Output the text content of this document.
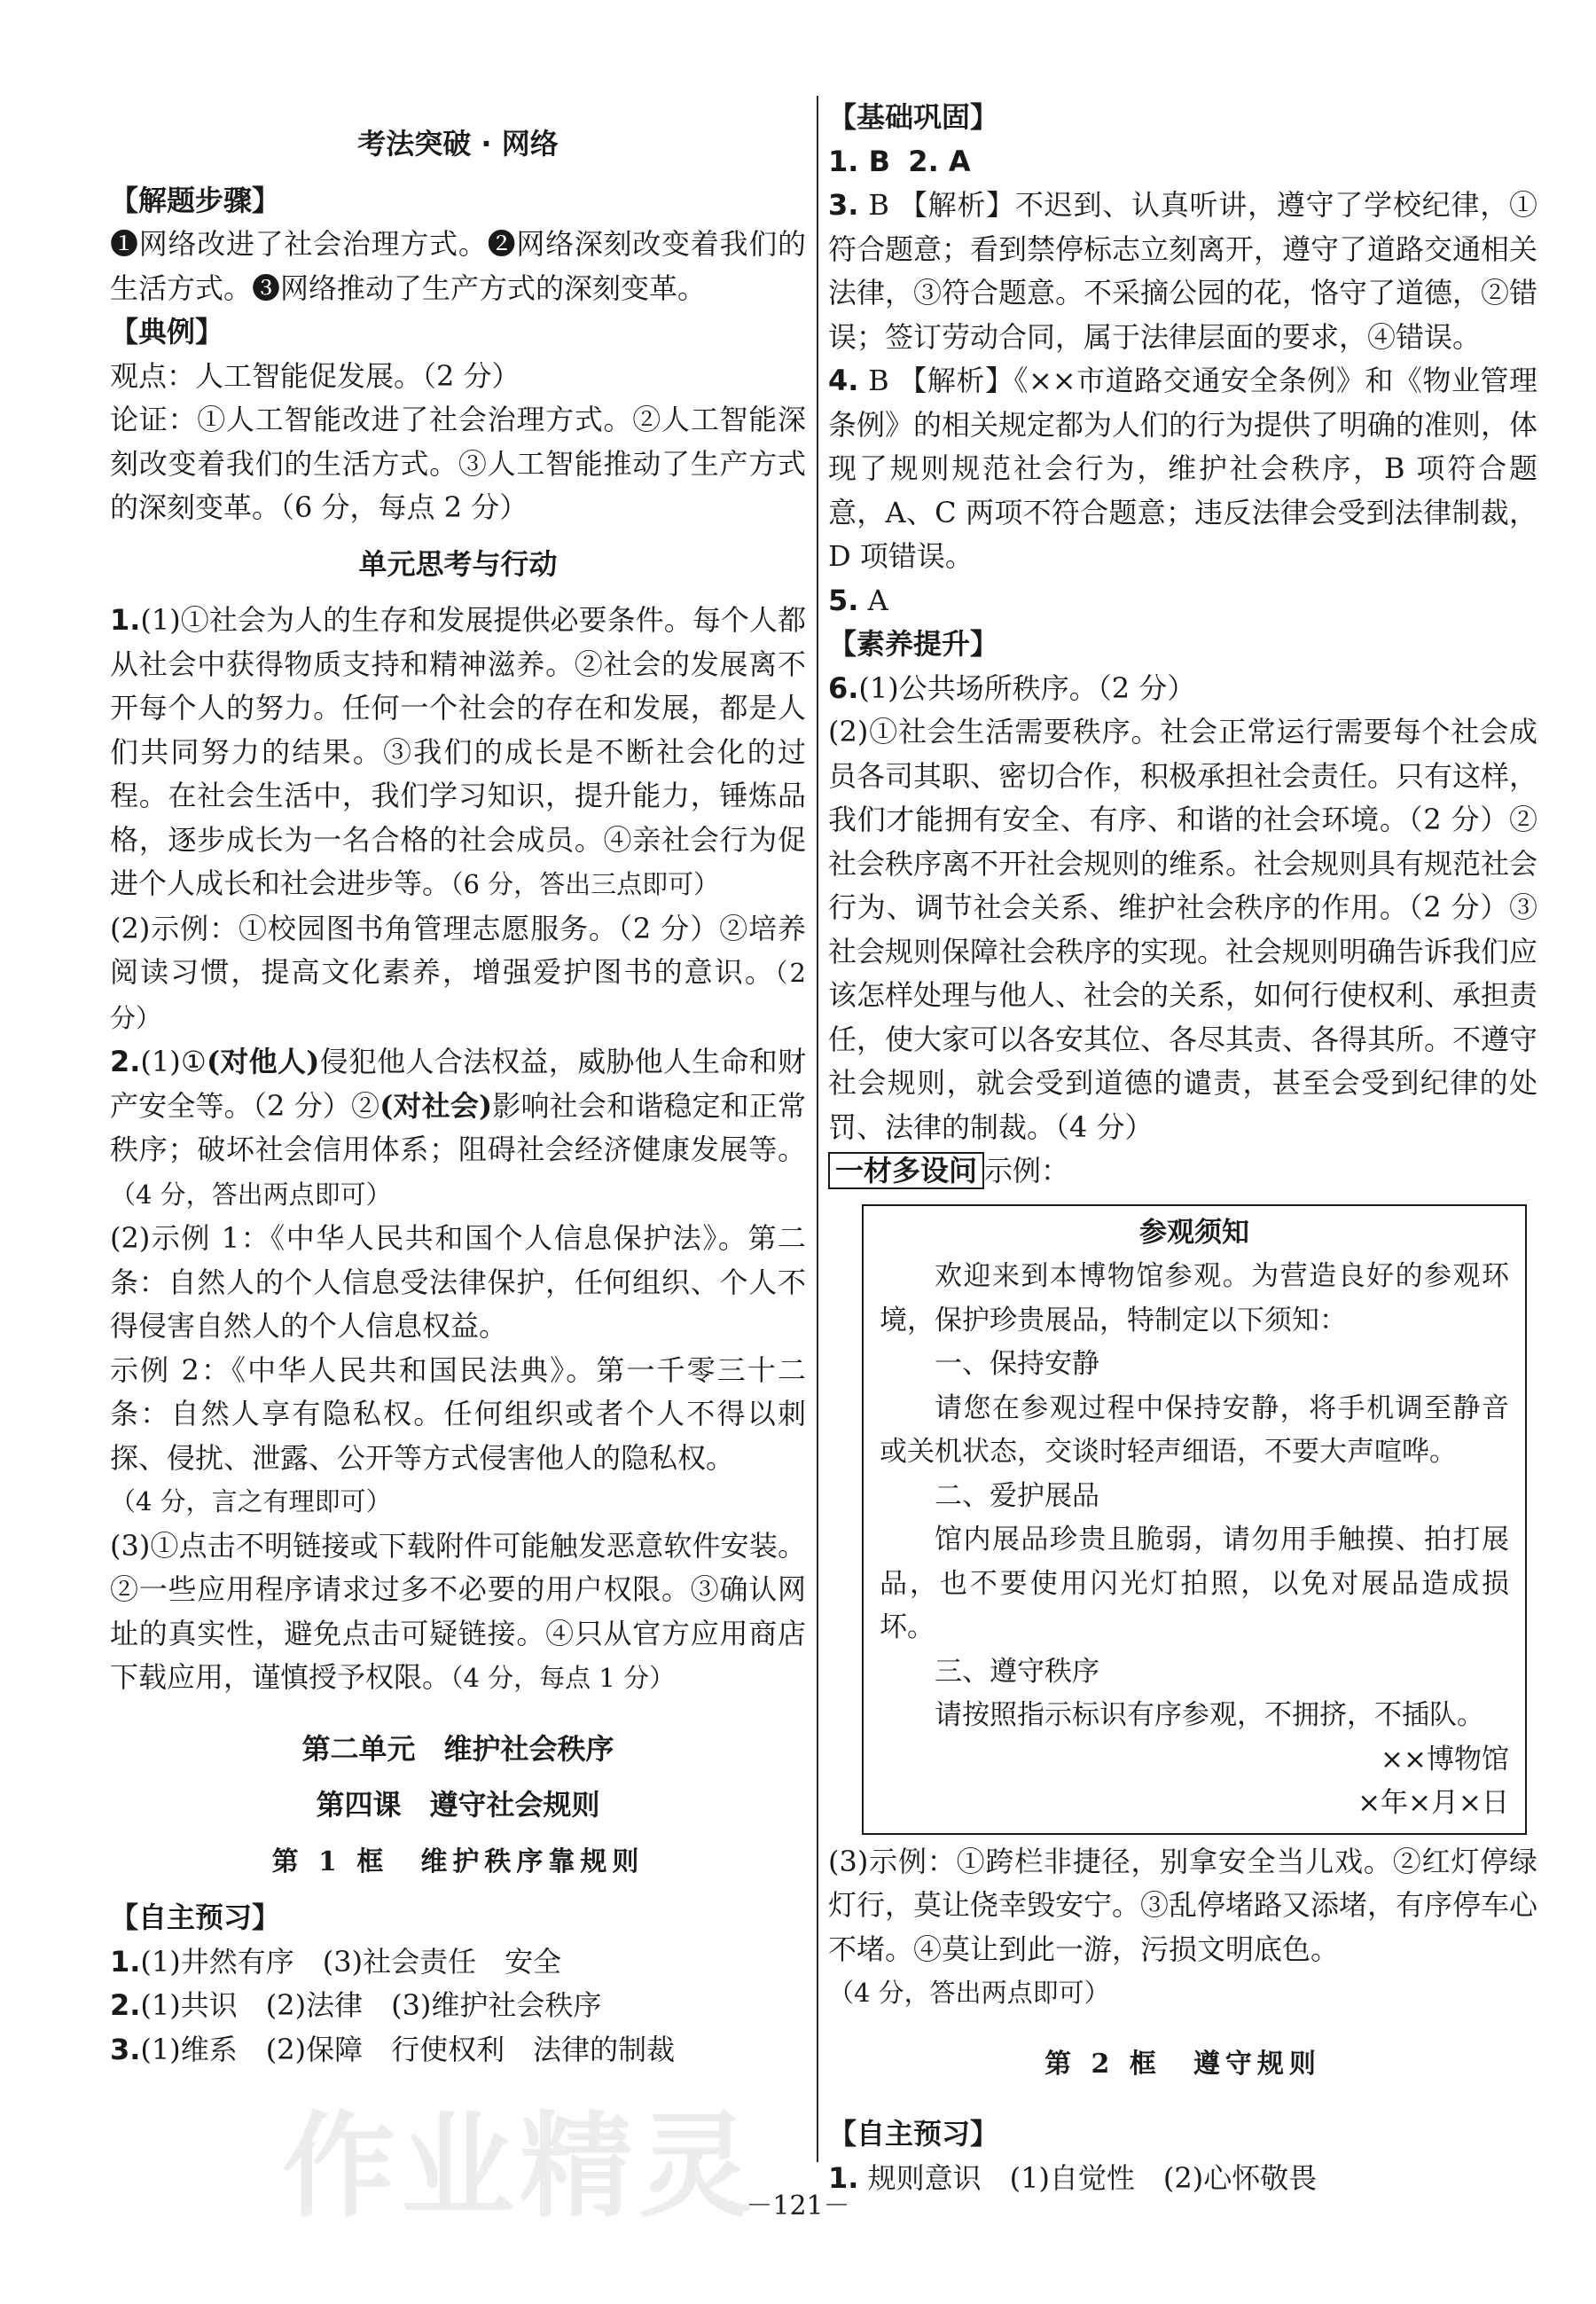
作业精灵

考法突破 · 网络

【解题步骤】

❶网络改进了社会治理方式。❷网络深刻改变着我们的生活方式。❸网络推动了生产方式的深刻变革。

【典例】

观点：人工智能促发展。（2 分）

论证：①人工智能改进了社会治理方式。②人工智能深刻改变着我们的生活方式。③人工智能推动了生产方式的深刻变革。（6 分，每点 2 分）

单元思考与行动

1.(1)①社会为人的生存和发展提供必要条件。每个人都从社会中获得物质支持和精神滋养。②社会的发展离不开每个人的努力。任何一个社会的存在和发展，都是人们共同努力的结果。③我们的成长是不断社会化的过程。在社会生活中，我们学习知识，提升能力，锤炼品格，逐步成长为一名合格的社会成员。④亲社会行为促进个人成长和社会进步等。（6 分，答出三点即可）

(2)示例：①校园图书角管理志愿服务。（2 分）②培养阅读习惯，提高文化素养，增强爱护图书的意识。（2 分）

2.(1)①(对他人)侵犯他人合法权益，威胁他人生命和财产安全等。（2 分）②(对社会)影响社会和谐稳定和正常秩序；破坏社会信用体系；阻碍社会经济健康发展等。（4 分，答出两点即可）

(2)示例 1：《中华人民共和国个人信息保护法》。第二条：自然人的个人信息受法律保护，任何组织、个人不得侵害自然人的个人信息权益。

示例 2：《中华人民共和国民法典》。第一千零三十二条：自然人享有隐私权。任何组织或者个人不得以刺探、侵扰、泄露、公开等方式侵害他人的隐私权。

（4 分，言之有理即可）

(3)①点击不明链接或下载附件可能触发恶意软件安装。②一些应用程序请求过多不必要的用户权限。③确认网址的真实性，避免点击可疑链接。④只从官方应用商店下载应用，谨慎授予权限。（4 分，每点 1 分）

第二单元　维护社会秩序

第四课　遵守社会规则

第 1 框　维护秩序靠规则

【自主预习】

1.(1)井然有序　(3)社会责任　安全

2.(1)共识　(2)法律　(3)维护社会秩序

3.(1)维系　(2)保障　行使权利　法律的制裁

【基础巩固】

1. B 2. A

3. B 【解析】不迟到、认真听讲，遵守了学校纪律，①符合题意；看到禁停标志立刻离开，遵守了道路交通相关法律，③符合题意。不采摘公园的花，恪守了道德，②错误；签订劳动合同，属于法律层面的要求，④错误。

4. B 【解析】《××市道路交通安全条例》和《物业管理条例》的相关规定都为人们的行为提供了明确的准则，体现了规则规范社会行为，维护社会秩序，B 项符合题意，A、C 两项不符合题意；违反法律会受到法律制裁，D 项错误。

5. A

【素养提升】

6.(1)公共场所秩序。（2 分）

(2)①社会生活需要秩序。社会正常运行需要每个社会成员各司其职、密切合作，积极承担社会责任。只有这样，我们才能拥有安全、有序、和谐的社会环境。（2 分）②社会秩序离不开社会规则的维系。社会规则具有规范社会行为、调节社会关系、维护社会秩序的作用。（2 分）③社会规则保障社会秩序的实现。社会规则明确告诉我们应该怎样处理与他人、社会的关系，如何行使权利、承担责任，使大家可以各安其位、各尽其责、各得其所。不遵守社会规则，就会受到道德的谴责，甚至会受到纪律的处罚、法律的制裁。（4 分）

一材多设问 示例：

参观须知

欢迎来到本博物馆参观。为营造良好的参观环境，保护珍贵展品，特制定以下须知：

一、保持安静

请您在参观过程中保持安静，将手机调至静音或关机状态，交谈时轻声细语，不要大声喧哗。

二、爱护展品

馆内展品珍贵且脆弱，请勿用手触摸、拍打展品，也不要使用闪光灯拍照，以免对展品造成损坏。

三、遵守秩序

请按照指示标识有序参观，不拥挤，不插队。

××博物馆

×年×月×日

(3)示例：①跨栏非捷径，别拿安全当儿戏。②红灯停绿灯行，莫让侥幸毁安宁。③乱停堵路又添堵，有序停车心不堵。④莫让到此一游，污损文明底色。

（4 分，答出两点即可）

第 2 框　遵守规则

【自主预习】

1. 规则意识　(1)自觉性　(2)心怀敬畏

－121－
